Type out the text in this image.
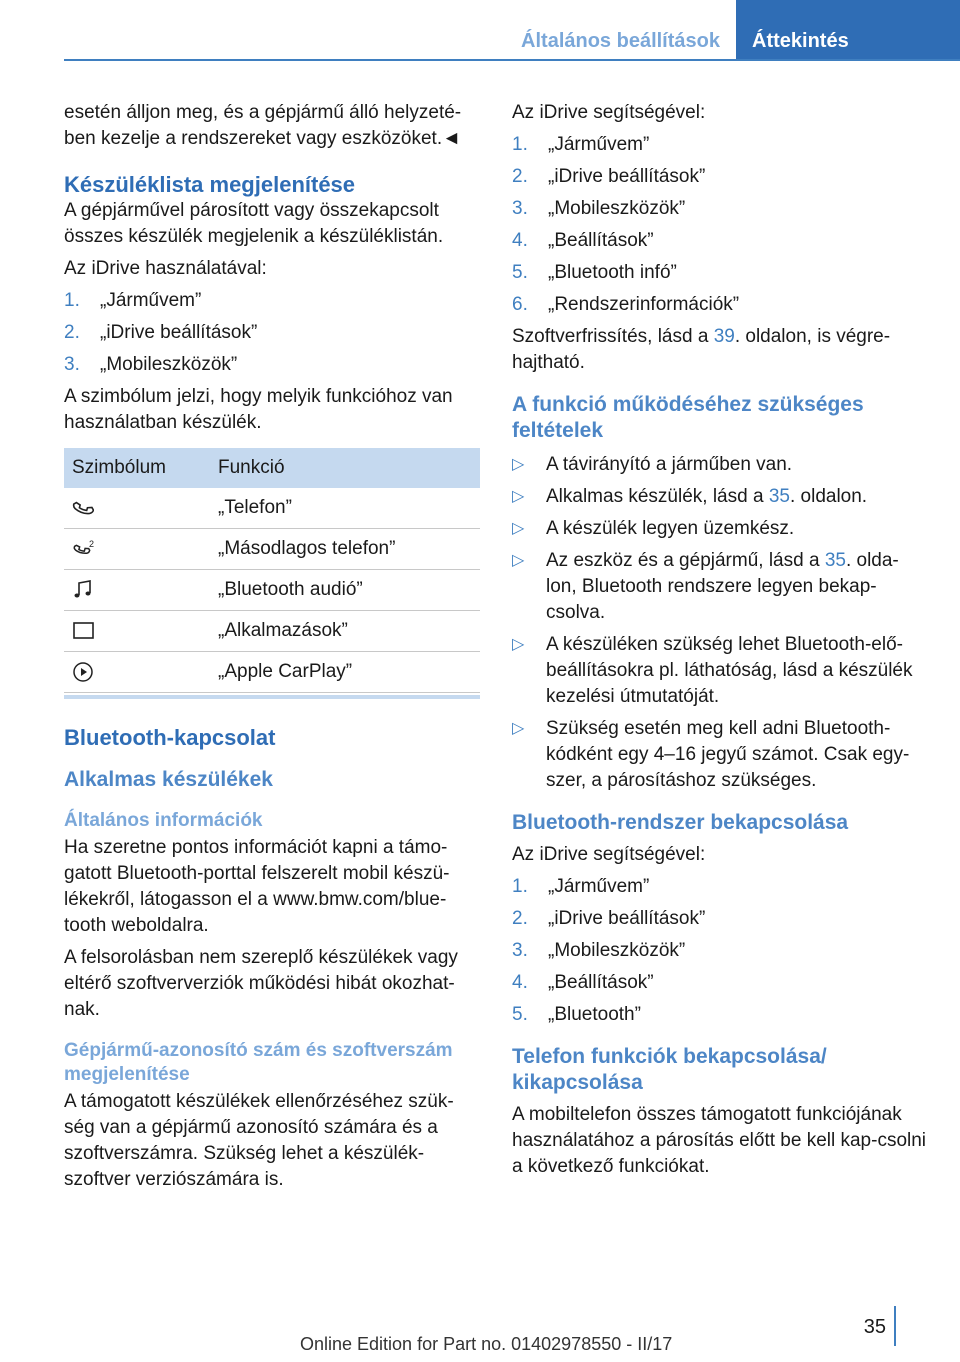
Általános beállítások Áttekintés

esetén álljon meg, és a gépjármű álló helyzeté-ben kezelje a rendszereket vagy eszközöket.◄

Készüléklista megjelenítése

A gépjárművel párosított vagy összekapcsolt összes készülék megjelenik a készüléklistán.

Az iDrive használatával:

1. „Járművem”
2. „iDrive beállítások”
3. „Mobileszközök”

A szimbólum jelzi, hogy melyik funkcióhoz van használatban készülék.

Szimbólum	Funkció

	„Telefon”

2	„Másodlagos telefon”

	„Bluetooth audió”

	„Alkalmazások”

	„Apple CarPlay”
Bluetooth-kapcsolat
Alkalmas készülékek
Általános információk

Ha szeretne pontos információt kapni a támo-gatott Bluetooth-porttal felszerelt mobil készü-lékekről, látogasson el a www.bmw.com/blue-tooth weboldalra.

A felsorolásban nem szereplő készülékek vagy eltérő szoftververziók működési hibát okozhat-nak.

Gépjármű-azonosító szám és szoftverszám megjelenítése

A támogatott készülékek ellenőrzéséhez szük-ség van a gépjármű azonosító számára és a szoftverszámra. Szükség lehet a készülék-szoftver verziószámára is.

Az iDrive segítségével:

1. „Járművem”
2. „iDrive beállítások”
3. „Mobileszközök”
4. „Beállítások”
5. „Bluetooth infó”
6. „Rendszerinformációk”

Szoftverfrissítés, lásd a 39. oldalon, is végre-hajtható.

A funkció működéséhez szükséges feltételek
▷ A távirányító a járműben van.
▷ Alkalmas készülék, lásd a 35. oldalon.
▷ A készülék legyen üzemkész.
▷ Az eszköz és a gépjármű, lásd a 35. olda-lon, Bluetooth rendszere legyen bekap-csolva.
▷ A készüléken szükség lehet Bluetooth-elő-beállításokra pl. láthatóság, lásd a készülék kezelési útmutatóját.
▷ Szükség esetén meg kell adni Bluetooth-kódként egy 4–16 jegyű számot. Csak egy-szer, a párosításhoz szükséges.
Bluetooth-rendszer bekapcsolása

Az iDrive segítségével:

1. „Járművem”
2. „iDrive beállítások”
3. „Mobileszközök”
4. „Beállítások”
5. „Bluetooth”
Telefon funkciók bekapcsolása/ kikapcsolása

A mobiltelefon összes támogatott funkciójának használatához a párosítás előtt be kell kap-csolni a következő funkciókat.

35
Online Edition for Part no. 01402978550 - II/17
